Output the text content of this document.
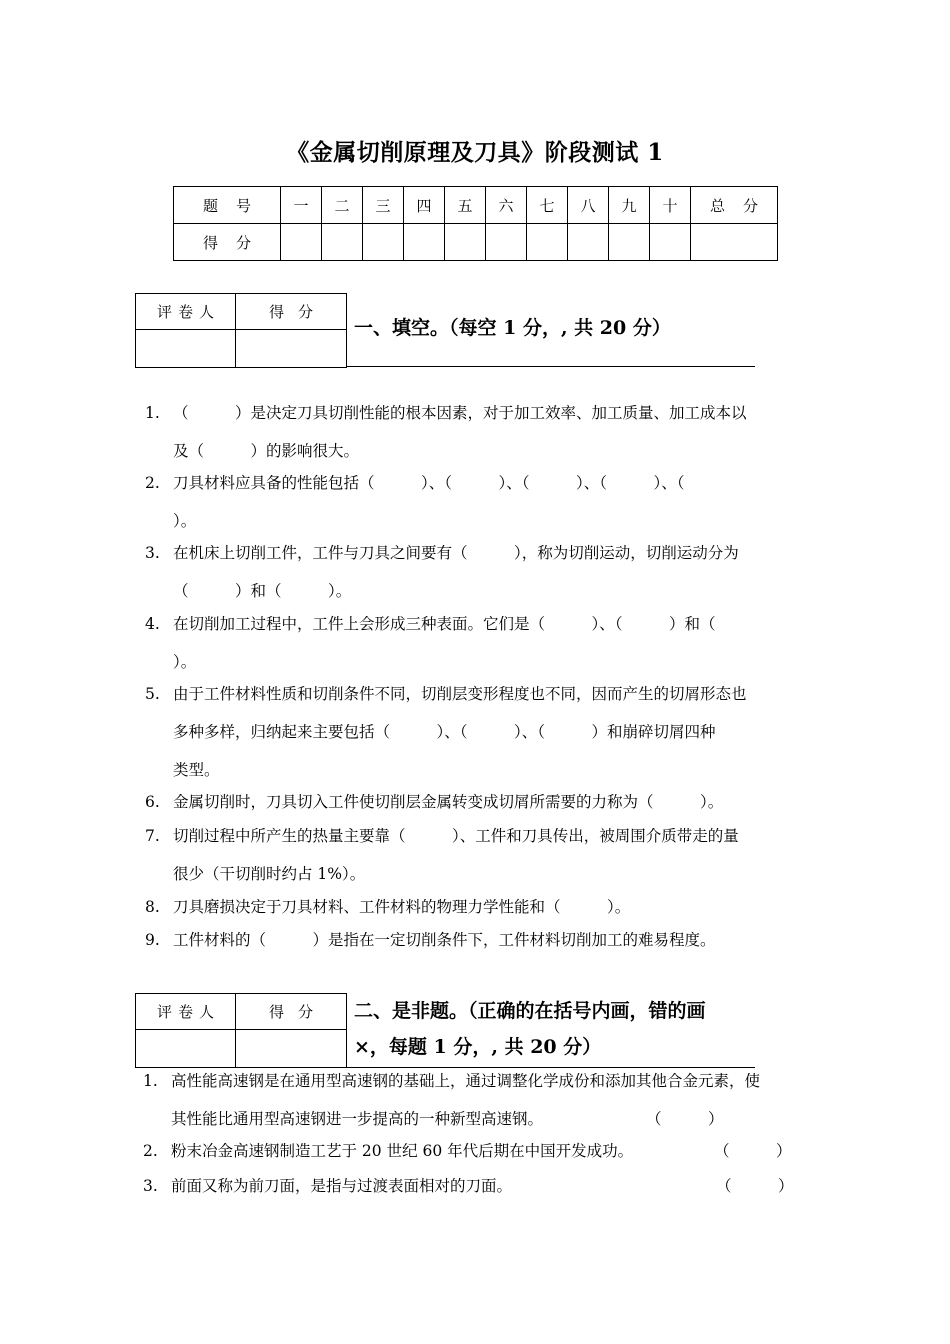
《金属切削原理及刀具》阶段测试 1
题号	一	二	三	四	五	六	七	八	九	十	总分
得分											
评卷人	得分

一、填空。（每空 1 分，, 共 20 分）
1. （　　　）是决定刀具切削性能的根本因素，对于加工效率、加工质量、加工成本以
及（　　　）的影响很大。
2. 刀具材料应具备的性能包括（　　　）、（　　　）、（　　　）、（　　　）、（
）。
3. 在机床上切削工件，工件与刀具之间要有（　　　），称为切削运动，切削运动分为
（　　　）和（　　　）。
4. 在切削加工过程中，工件上会形成三种表面。它们是（　　　）、（　　　）和（
）。
5. 由于工件材料性质和切削条件不同，切削层变形程度也不同，因而产生的切屑形态也
多种多样，归纳起来主要包括（　　　）、（　　　）、（　　　）和崩碎切屑四种
类型。
6. 金属切削时，刀具切入工件使切削层金属转变成切屑所需要的力称为（　　　）。
7. 切削过程中所产生的热量主要靠（　　　）、工件和刀具传出，被周围介质带走的量
很少（干切削时约占 1%）。
8. 刀具磨损决定于刀具材料、工件材料的物理力学性能和（　　　）。
9. 工件材料的（　　　）是指在一定切削条件下，工件材料切削加工的难易程度。
评卷人	得分
	二、是非题。（正确的在括号内画，错的画
×，每题 1 分，, 共 20 分）
1. 高性能高速钢是在通用型高速钢的基础上，通过调整化学成份和添加其他合金元素，使
其性能比通用型高速钢进一步提高的一种新型高速钢。	（　　　）
2. 粉末冶金高速钢制造工艺于 20 世纪 60 年代后期在中国开发成功。	（　　　）
3. 前面又称为前刀面，是指与过渡表面相对的刀面。	（　　　）
